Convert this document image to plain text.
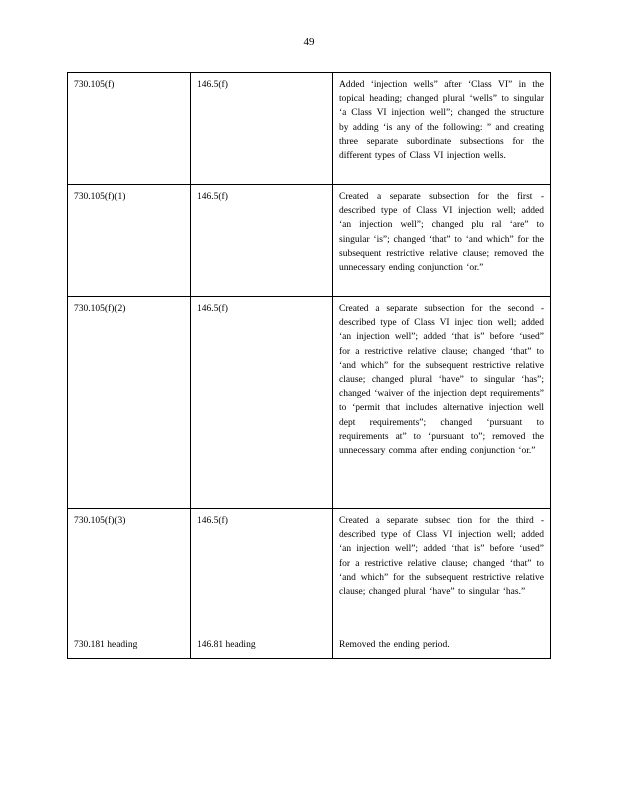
49
730.105(f)	146.5(f)	Added ‘injection wells” after ‘Class VI” in the topical heading; changed plural ‘wells” to singular ‘a Class VI injection well”; changed the structure by adding ‘is any of the following: ” and creating three separate subordinate subsections for the different types of Class VI injection wells.
730.105(f)(1)	146.5(f)	Created a separate subsection for the first - described type of Class VI injection well; added ‘an injection well”; changed plu ral ‘are” to singular ‘is”; changed ‘that” to ‘and which” for the subsequent restrictive relative clause; removed the unnecessary ending conjunction ‘or.”
730.105(f)(2)	146.5(f)	Created a separate subsection for the second - described type of Class VI injec tion well; added ‘an injection well”; added ‘that is” before ‘used” for a restrictive relative clause; changed ‘that” to ‘and which” for the subsequent restrictive relative clause; changed plural ‘have” to singular ‘has”; changed ‘waiver of the injection dept requirements” to ‘permit that includes alternative injection well dept requirements”; changed ‘pursuant to requirements at” to ‘pursuant to”; removed the unnecessary comma after ending conjunction ‘or.”
730.105(f)(3)	146.5(f)	Created a separate subsec tion for the third -described type of Class VI injection well; added ‘an injection well”; added ‘that is” before ‘used” for a restrictive relative clause; changed ‘that” to ‘and which” for the subsequent restrictive relative clause; changed plural ‘have” to singular ‘has.”
730.181 heading	146.81 heading	Removed the ending period.
